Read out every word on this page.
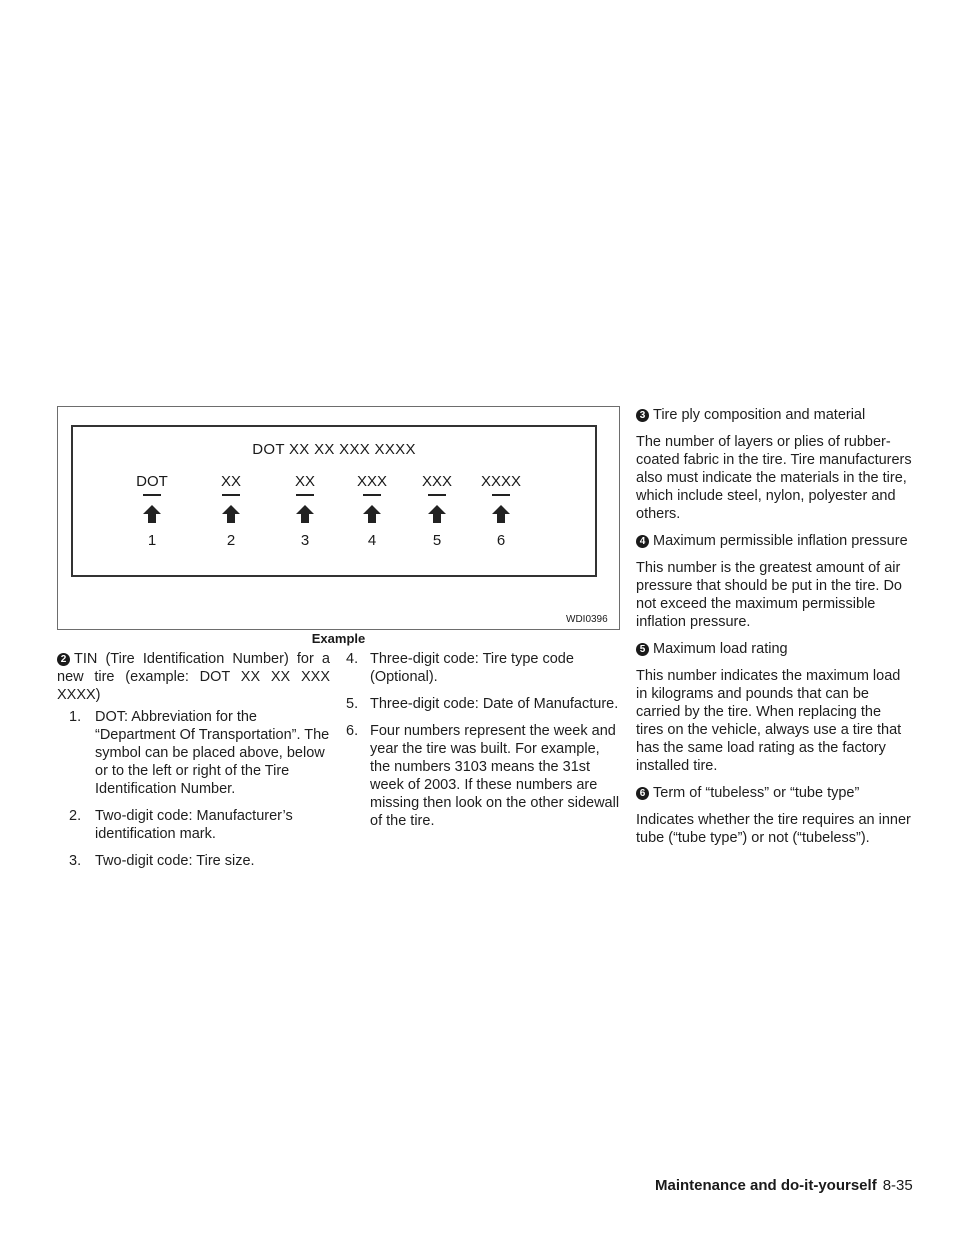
DOT XX XX XXX XXXX
DOT
1
XX
2
XX
3
XXX
4
XXX
5
XXXX
6
WDI0396
Example

2 TIN (Tire Identification Number) for a new tire (example: DOT XX XX XXX XXXX)

1. DOT: Abbreviation for the “Department Of Transportation”. The symbol can be placed above, below or to the left or right of the Tire Identification Number.
2. Two-digit code: Manufacturer’s identification mark.
3. Two-digit code: Tire size.
4. Three-digit code: Tire type code (Optional).
5. Three-digit code: Date of Manufacture.
6. Four numbers represent the week and year the tire was built. For example, the numbers 3103 means the 31st week of 2003. If these numbers are missing then look on the other sidewall of the tire.

3 Tire ply composition and material

The number of layers or plies of rubber-coated fabric in the tire. Tire manufacturers also must indicate the materials in the tire, which include steel, nylon, polyester and others.

4 Maximum permissible inflation pressure

This number is the greatest amount of air pressure that should be put in the tire. Do not exceed the maximum permissible inflation pressure.

5 Maximum load rating

This number indicates the maximum load in kilograms and pounds that can be carried by the tire. When replacing the tires on the vehicle, always use a tire that has the same load rating as the factory installed tire.

6 Term of “tubeless” or “tube type”

Indicates whether the tire requires an inner tube (“tube type”) or not (“tubeless”).

Maintenance and do-it-yourself 8-35
